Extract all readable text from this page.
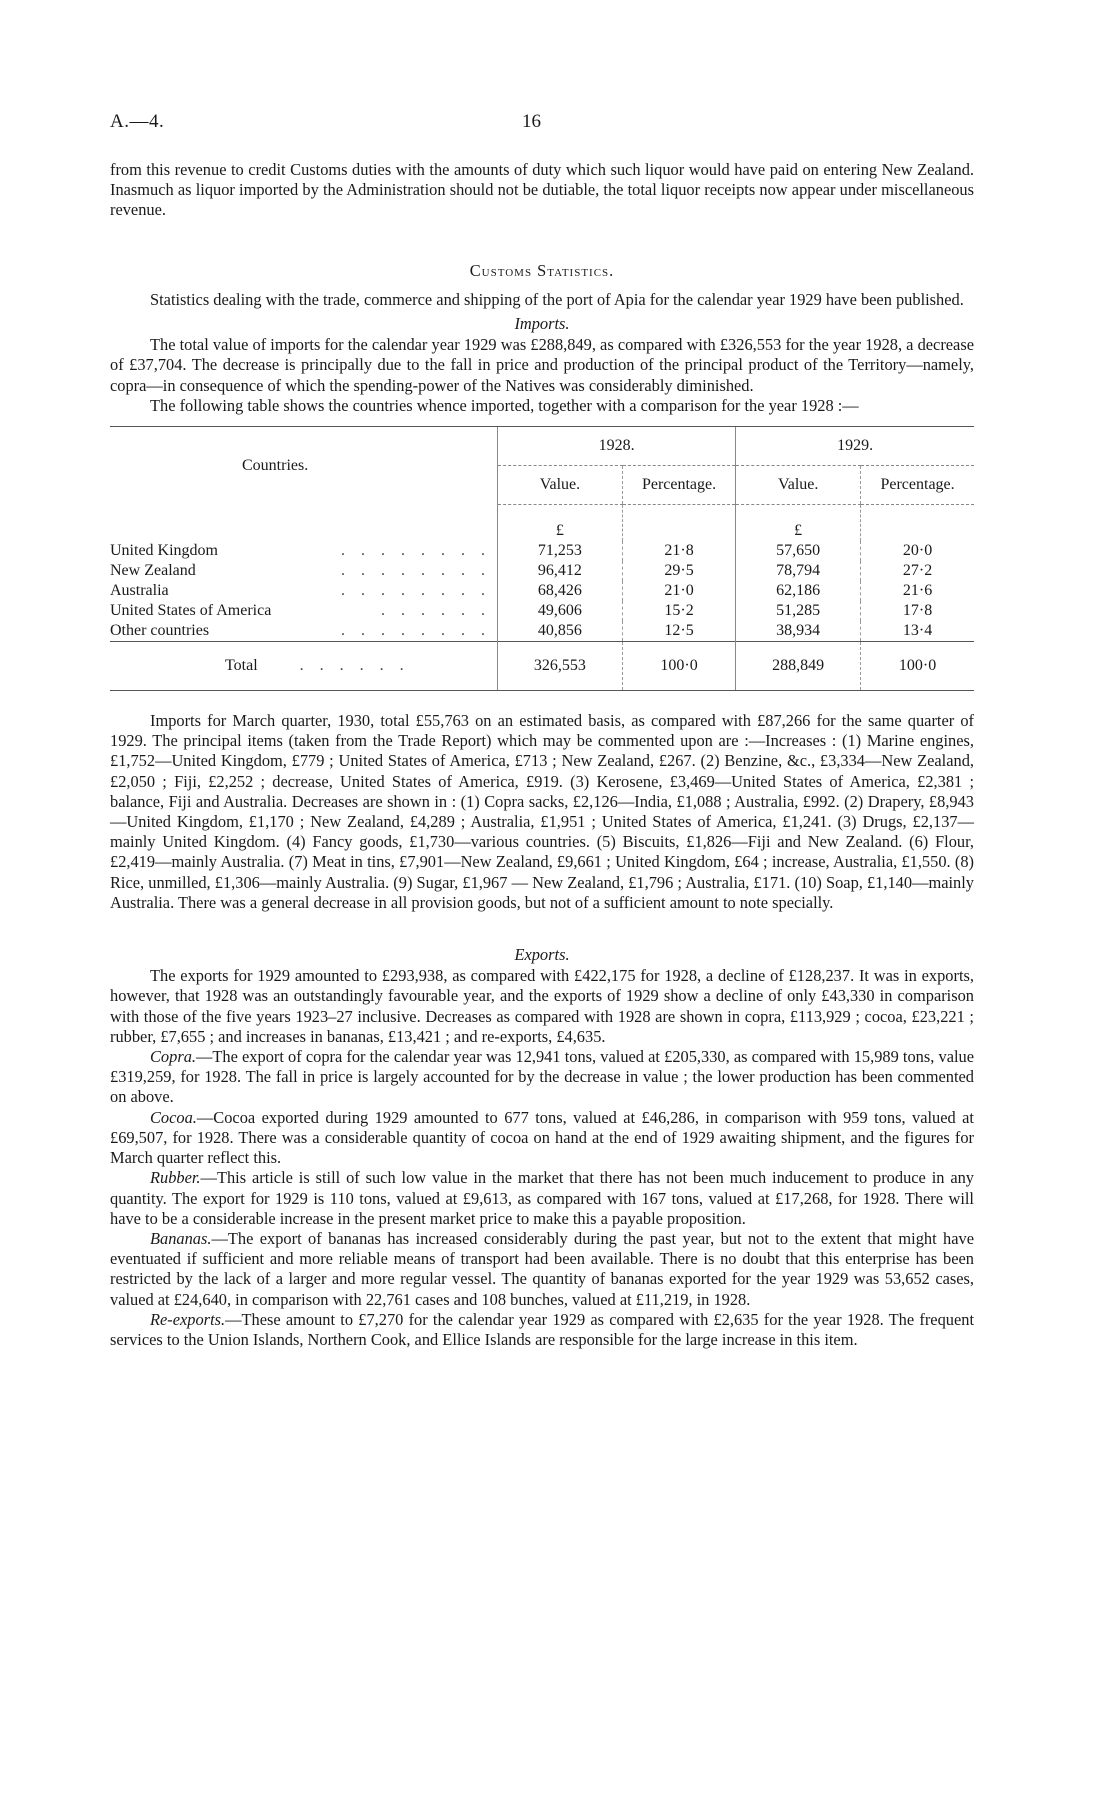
A.—4.	16

from this revenue to credit Customs duties with the amounts of duty which such liquor would have paid on entering New Zealand. Inasmuch as liquor imported by the Administration should not be dutiable, the total liquor receipts now appear under miscellaneous revenue.

Customs Statistics.

Statistics dealing with the trade, commerce and shipping of the port of Apia for the calendar year 1929 have been published.

Imports.

The total value of imports for the calendar year 1929 was £288,849, as compared with £326,553 for the year 1928, a decrease of £37,704. The decrease is principally due to the fall in price and production of the principal product of the Territory—namely, copra—in consequence of which the spending-power of the Natives was considerably diminished.

The following table shows the countries whence imported, together with a comparison for the year 1928 :—

Countries.	1928.		1929.	
	Value.	Percentage.	Value.	Percentage.
	£		£	
United Kingdom . . . . . . . .	71,253	21·8	57,650	20·0
New Zealand . . . . . . . .	96,412	29·5	78,794	27·2
Australia . . . . . . . .	68,426	21·0	62,186	21·6
United States of America . . . . . .	49,606	15·2	51,285	17·8
Other countries . . . . . . . .	40,856	12·5	38,934	13·4
Total . . . . . .	326,553	100·0	288,849	100·0

Imports for March quarter, 1930, total £55,763 on an estimated basis, as compared with £87,266 for the same quarter of 1929. The principal items (taken from the Trade Report) which may be commented upon are :—Increases : (1) Marine engines, £1,752—United Kingdom, £779 ; United States of America, £713 ; New Zealand, £267. (2) Benzine, &c., £3,334—New Zealand, £2,050 ; Fiji, £2,252 ; decrease, United States of America, £919. (3) Kerosene, £3,469—United States of America, £2,381 ; balance, Fiji and Australia. Decreases are shown in : (1) Copra sacks, £2,126—India, £1,088 ; Australia, £992. (2) Drapery, £8,943—United Kingdom, £1,170 ; New Zealand, £4,289 ; Australia, £1,951 ; United States of America, £1,241. (3) Drugs, £2,137—mainly United Kingdom. (4) Fancy goods, £1,730—various countries. (5) Biscuits, £1,826—Fiji and New Zealand. (6) Flour, £2,419—mainly Australia. (7) Meat in tins, £7,901—New Zealand, £9,661 ; United Kingdom, £64 ; increase, Australia, £1,550. (8) Rice, unmilled, £1,306—mainly Australia. (9) Sugar, £1,967 — New Zealand, £1,796 ; Australia, £171. (10) Soap, £1,140—mainly Australia. There was a general decrease in all provision goods, but not of a sufficient amount to note specially.

Exports.

The exports for 1929 amounted to £293,938, as compared with £422,175 for 1928, a decline of £128,237. It was in exports, however, that 1928 was an outstandingly favourable year, and the exports of 1929 show a decline of only £43,330 in comparison with those of the five years 1923–27 inclusive. Decreases as compared with 1928 are shown in copra, £113,929 ; cocoa, £23,221 ; rubber, £7,655 ; and increases in bananas, £13,421 ; and re-exports, £4,635.

Copra.—The export of copra for the calendar year was 12,941 tons, valued at £205,330, as compared with 15,989 tons, value £319,259, for 1928. The fall in price is largely accounted for by the decrease in value ; the lower production has been commented on above.

Cocoa.—Cocoa exported during 1929 amounted to 677 tons, valued at £46,286, in comparison with 959 tons, valued at £69,507, for 1928. There was a considerable quantity of cocoa on hand at the end of 1929 awaiting shipment, and the figures for March quarter reflect this.

Rubber.—This article is still of such low value in the market that there has not been much inducement to produce in any quantity. The export for 1929 is 110 tons, valued at £9,613, as compared with 167 tons, valued at £17,268, for 1928. There will have to be a considerable increase in the present market price to make this a payable proposition.

Bananas.—The export of bananas has increased considerably during the past year, but not to the extent that might have eventuated if sufficient and more reliable means of transport had been available. There is no doubt that this enterprise has been restricted by the lack of a larger and more regular vessel. The quantity of bananas exported for the year 1929 was 53,652 cases, valued at £24,640, in comparison with 22,761 cases and 108 bunches, valued at £11,219, in 1928.

Re-exports.—These amount to £7,270 for the calendar year 1929 as compared with £2,635 for the year 1928. The frequent services to the Union Islands, Northern Cook, and Ellice Islands are responsible for the large increase in this item.
